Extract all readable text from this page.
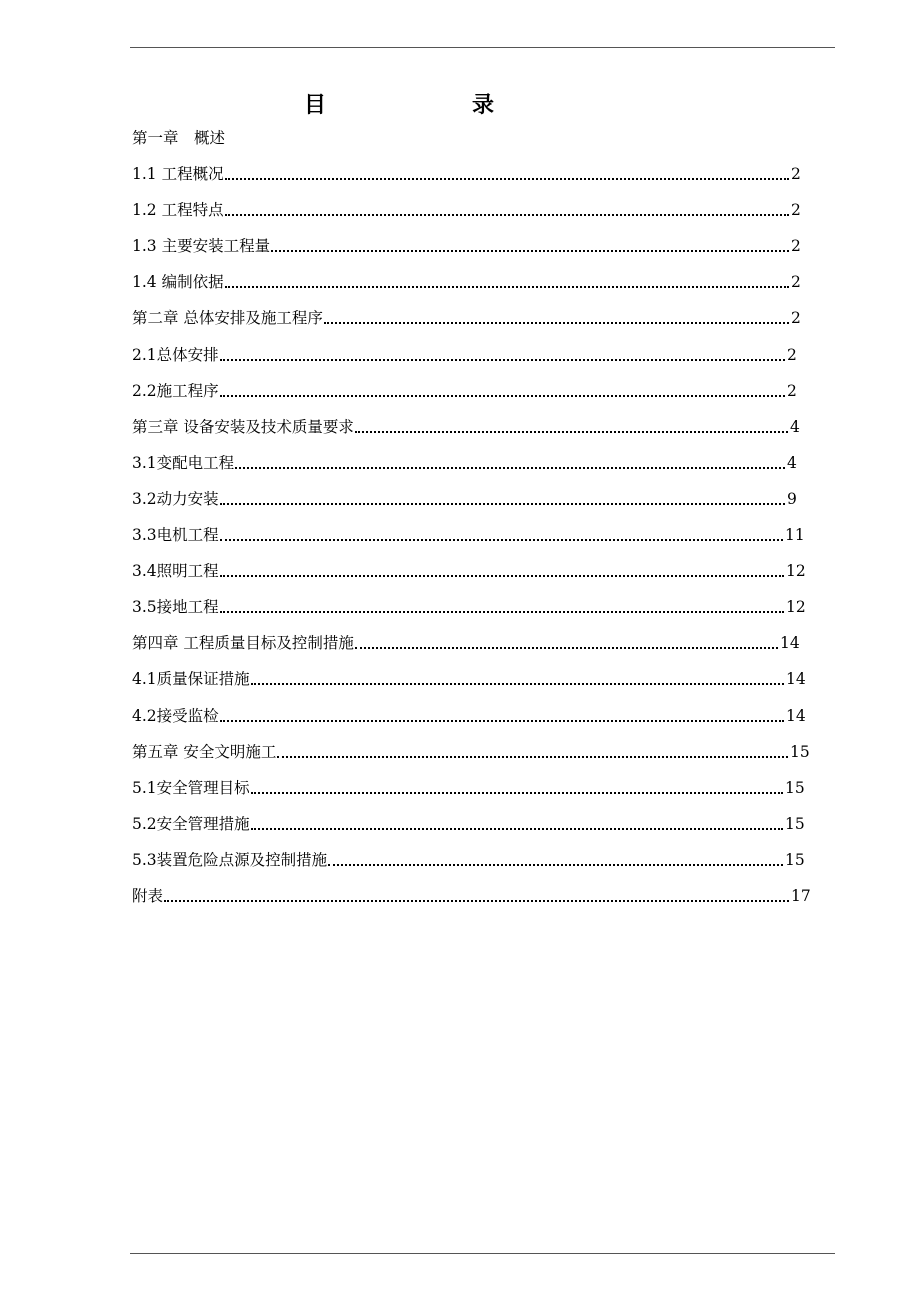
目　录
第一章　概述
1.1 工程概况	2
1.2 工程特点	2
1.3 主要安装工程量	2
1.4 编制依据	2
第二章 总体安排及施工程序	2
2.1总体安排	2
2.2施工程序	2
第三章 设备安装及技术质量要求	4
3.1变配电工程	4
3.2动力安装	9
3.3电机工程	11
3.4照明工程	12
3.5接地工程	12
第四章 工程质量目标及控制措施	14
4.1质量保证措施	14
4.2接受监检	14
第五章 安全文明施工	15
5.1安全管理目标	15
5.2安全管理措施	15
5.3装置危险点源及控制措施	15
附表	17
